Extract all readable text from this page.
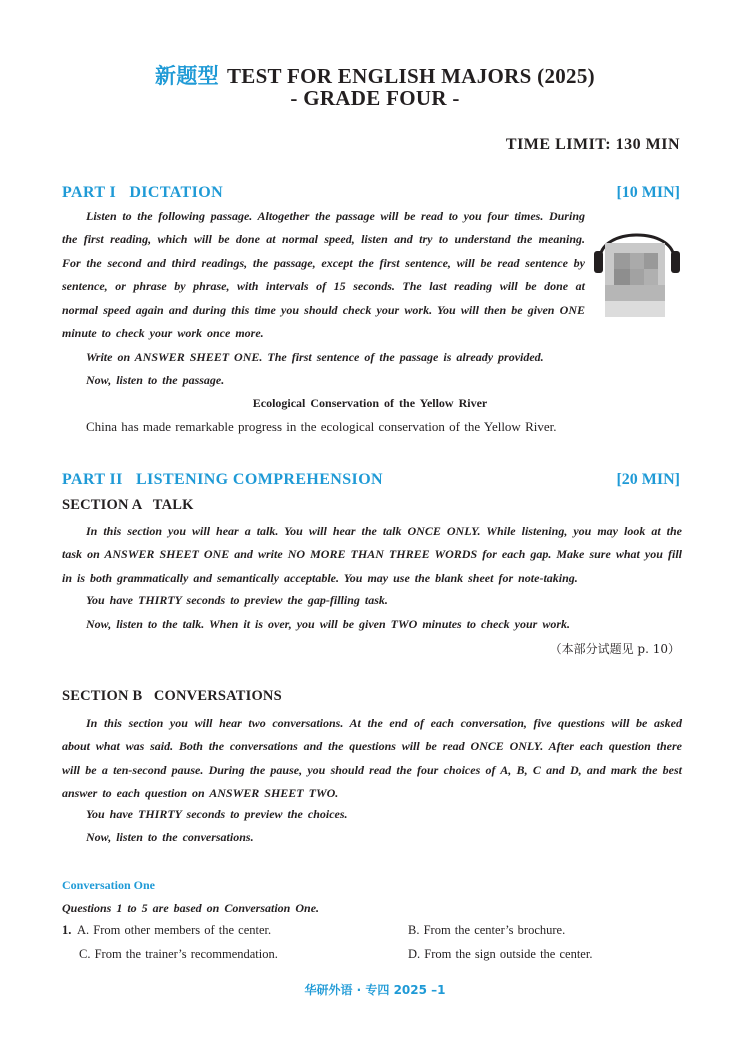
新题型 TEST FOR ENGLISH MAJORS (2025)
- GRADE FOUR -
TIME LIMIT: 130 MIN
PART I   DICTATION	[10 MIN]

Listen to the following passage. Altogether the passage will be read to you four times. During the first reading, which will be done at normal speed, listen and try to understand the meaning. For the second and third readings, the passage, except the first sentence, will be read sentence by sentence, or phrase by phrase, with intervals of 15 seconds. The last reading will be done at normal speed again and during this time you should check your work. You will then be given ONE minute to check your work once more.

Write on ANSWER SHEET ONE. The first sentence of the passage is already provided.
Now, listen to the passage.
Ecological Conservation of the Yellow River
China has made remarkable progress in the ecological conservation of the Yellow River.
PART II   LISTENING COMPREHENSION	[20 MIN]
SECTION A   TALK

In this section you will hear a talk. You will hear the talk ONCE ONLY. While listening, you may look at the task on ANSWER SHEET ONE and write NO MORE THAN THREE WORDS for each gap. Make sure what you fill in is both grammatically and semantically acceptable. You may use the blank sheet for note-taking.

You have THIRTY seconds to preview the gap-filling task.
Now, listen to the talk. When it is over, you will be given TWO minutes to check your work.
（本部分试题见 p. 10）
SECTION B   CONVERSATIONS

In this section you will hear two conversations. At the end of each conversation, five questions will be asked about what was said. Both the conversations and the questions will be read ONCE ONLY. After each question there will be a ten-second pause. During the pause, you should read the four choices of A, B, C and D, and mark the best answer to each question on ANSWER SHEET TWO.

You have THIRTY seconds to preview the choices.
Now, listen to the conversations.
Conversation One
Questions 1 to 5 are based on Conversation One.
1. A. From other members of the center.	B. From the center’s brochure.
C. From the trainer’s recommendation.	D. From the sign outside the center.
华研外语 · 专四 2025 –1
